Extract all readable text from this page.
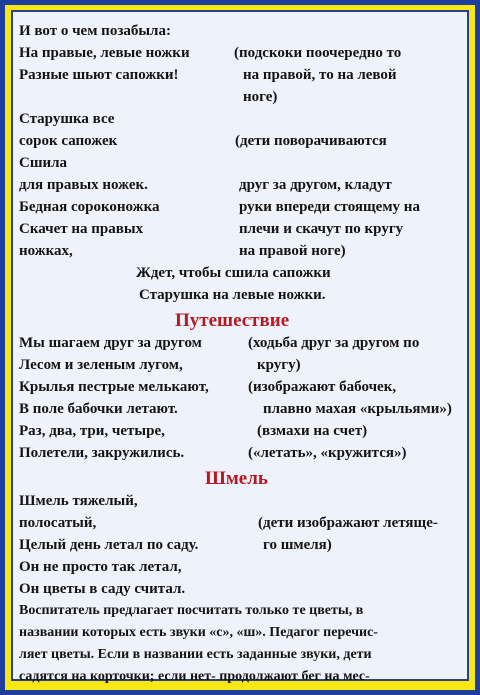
И вот о чем позабыла:
На правые, левые ножки	(подскоки поочередно то
Разные шьют сапожки!	на правой, то на левой
ноге)
Старушка все
сорок сапожек	(дети поворачиваются
Сшила
для правых ножек.	друг за другом, кладут
Бедная сороконожка	руки впереди стоящему на
Скачет на правых	плечи и скачут по кругу
ножках,	на правой ноге)
Ждет, чтобы сшила сапожки
Старушка на левые ножки.
Путешествие
Мы шагаем друг за другом	(ходьба друг за другом по
Лесом и зеленым лугом,	кругу)
Крылья пестрые мелькают,	(изображают бабочек,
В поле бабочки летают.	плавно махая «крыльями»)
Раз, два, три, четыре,	(взмахи на счет)
Полетели, закружились.	(«летать», «кружится»)
Шмель
Шмель тяжелый,
полосатый,	(дети изображают летяще-
Целый день летал по саду.	го шмеля)
Он не просто так летал,
Он цветы в саду считал.
Воспитатель предлагает посчитать только те цветы, в
названии которых есть звуки «с», «ш». Педагог перечис-
ляет цветы. Если в названии есть заданные звуки, дети
садятся на корточки; если нет- продолжают бег на мес-
